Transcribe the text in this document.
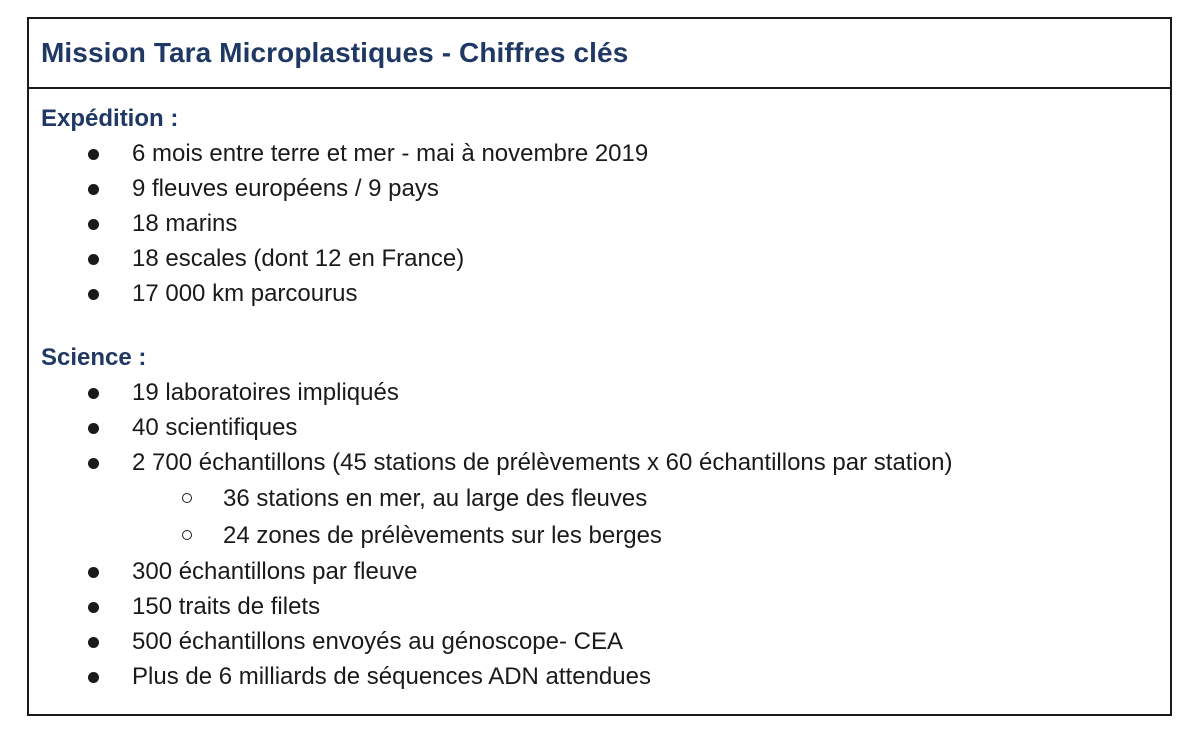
Mission Tara Microplastiques - Chiffres clés
Expédition :
6 mois entre terre et mer - mai à novembre 2019
9 fleuves européens / 9 pays
18 marins
18 escales (dont 12 en France)
17 000 km parcourus
Science :
19 laboratoires impliqués
40 scientifiques
2 700 échantillons (45 stations de prélèvements x 60 échantillons par station)
36 stations en mer, au large des fleuves
24 zones de prélèvements sur les berges
300 échantillons par fleuve
150 traits de filets
500 échantillons envoyés au génoscope- CEA
Plus de 6 milliards de séquences ADN attendues
